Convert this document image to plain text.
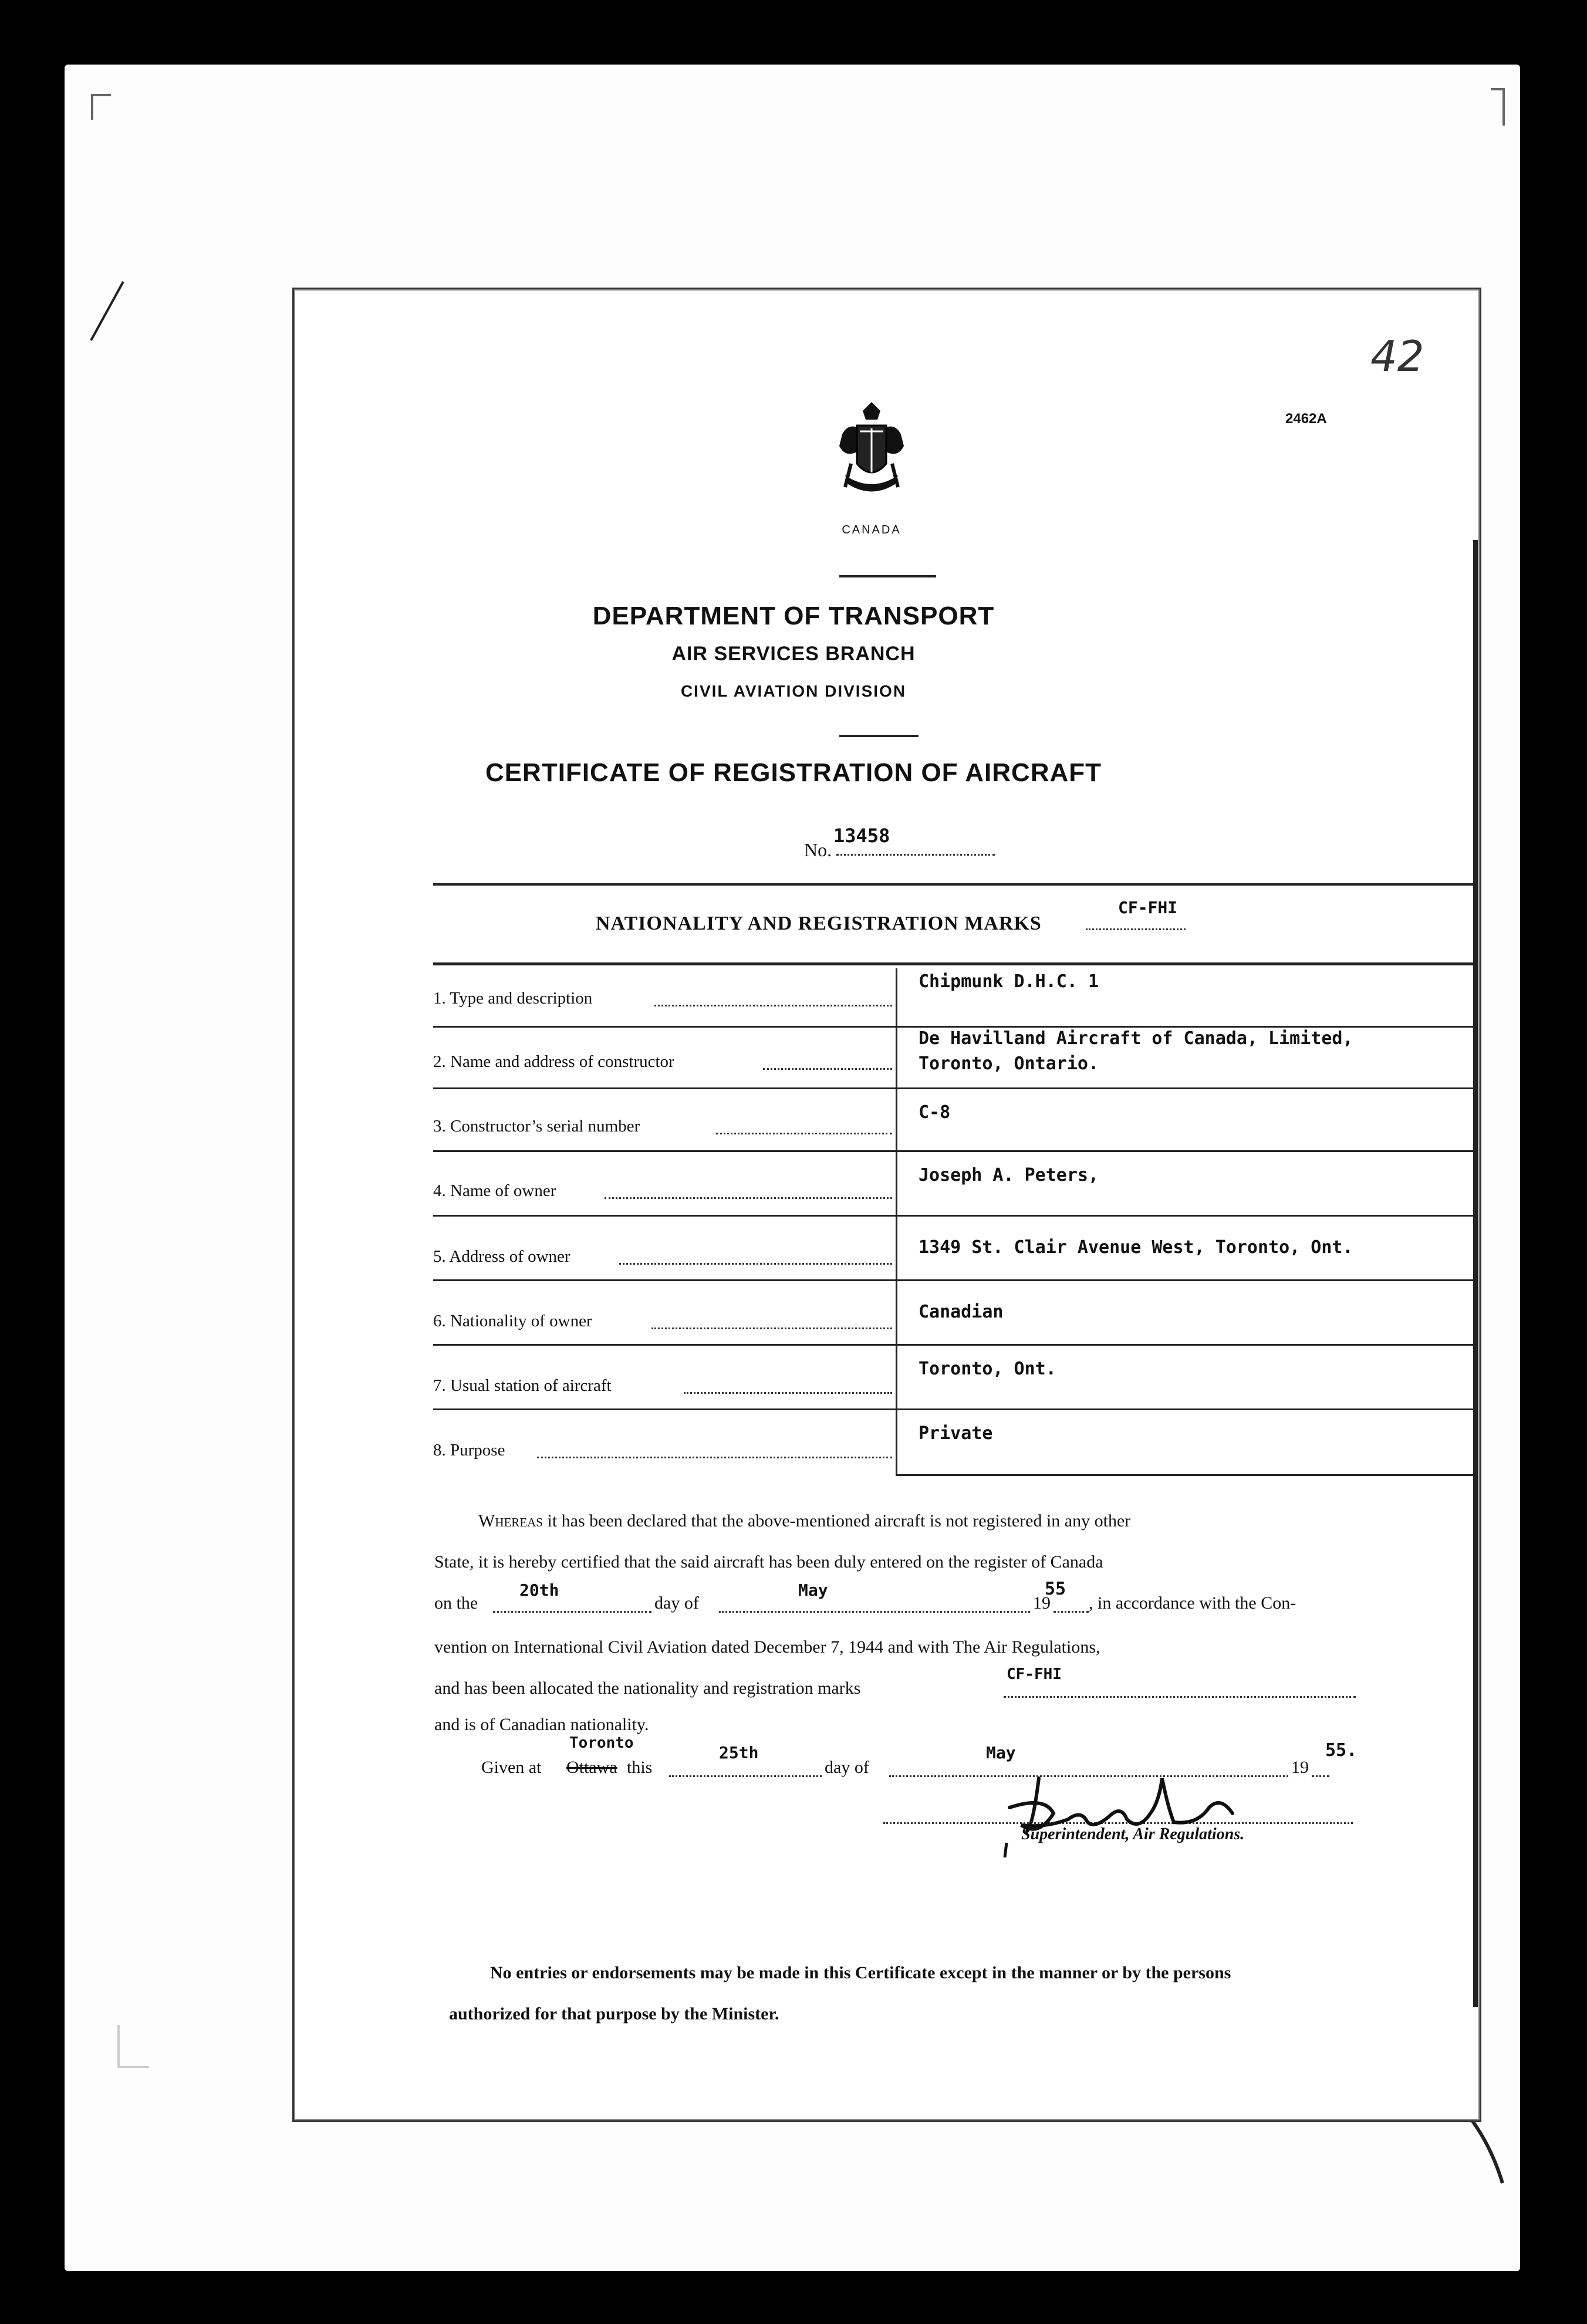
42
2462A
CANADA
DEPARTMENT OF TRANSPORT
AIR SERVICES BRANCH
CIVIL AVIATION DIVISION
CERTIFICATE OF REGISTRATION OF AIRCRAFT
No.
13458
NATIONALITY AND REGISTRATION MARKS
CF-FHI
1. Type and description
Chipmunk D.H.C. 1
2. Name and address of constructor
De Havilland Aircraft of Canada, Limited,
Toronto, Ontario.
3. Constructor’s serial number
C-8
4. Name of owner
Joseph A. Peters,
5. Address of owner	1349 St. Clair Avenue West, Toronto, Ont.
6. Nationality of owner	Canadian
7. Usual station of aircraft
Toronto, Ont.
8. Purpose
Private
Whereas it has been declared that the above-mentioned aircraft is not registered in any other
State, it is hereby certified that the said aircraft has been duly entered on the register of Canada
on the
20th
day of
May
19
55
, in accordance with the Con-
vention on International Civil Aviation dated December 7, 1944 and with The Air Regulations,
and has been allocated the nationality and registration marks
CF-FHI
and is of Canadian nationality.
Given at Ottawa
Toronto
this
25th
day of
May
19
55.
Superintendent, Air Regulations.
No entries or endorsements may be made in this Certificate except in the manner or by the persons
authorized for that purpose by the Minister.
